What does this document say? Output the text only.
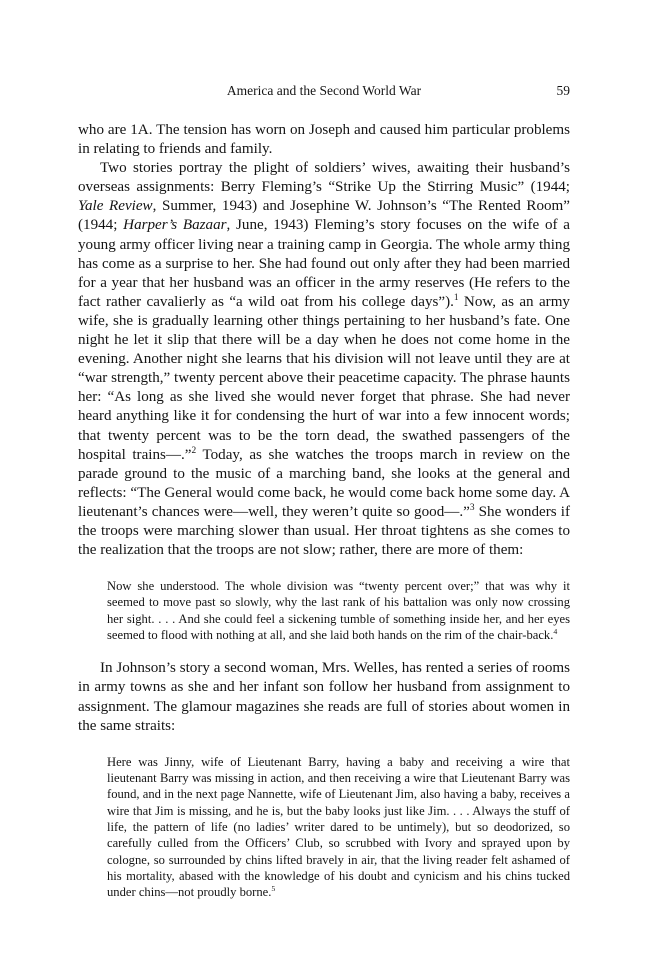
America and the Second World War	59

who are 1A. The tension has worn on Joseph and caused him particular problems in relating to friends and family.

Two stories portray the plight of soldiers’ wives, awaiting their husband’s overseas assignments: Berry Fleming’s “Strike Up the Stirring Music” (1944; Yale Review, Summer, 1943) and Josephine W. Johnson’s “The Rented Room” (1944; Harper’s Bazaar, June, 1943) Fleming’s story focuses on the wife of a young army officer living near a training camp in Georgia. The whole army thing has come as a surprise to her. She had found out only after they had been married for a year that her husband was an officer in the army reserves (He refers to the fact rather cavalierly as “a wild oat from his college days”).$^1$ Now, as an army wife, she is gradually learning other things pertaining to her husband’s fate. One night he let it slip that there will be a day when he does not come home in the evening. Another night she learns that his division will not leave until they are at “war strength,” twenty percent above their peacetime capacity. The phrase haunts her: “As long as she lived she would never forget that phrase. She had never heard anything like it for condensing the hurt of war into a few innocent words; that twenty percent was to be the torn dead, the swathed passengers of the hospital trains—.”$^2$ Today, as she watches the troops march in review on the parade ground to the music of a marching band, she looks at the general and reflects: “The General would come back, he would come back home some day. A lieutenant’s chances were—well, they weren’t quite so good—.”$^3$ She wonders if the troops were marching slower than usual. Her throat tightens as she comes to the realization that the troops are not slow; rather, there are more of them:

Now she understood. The whole division was “twenty percent over;” that was why it seemed to move past so slowly, why the last rank of his battalion was only now crossing her sight. . . . And she could feel a sickening tumble of something inside her, and her eyes seemed to flood with nothing at all, and she laid both hands on the rim of the chair-back.$^4$

In Johnson’s story a second woman, Mrs. Welles, has rented a series of rooms in army towns as she and her infant son follow her husband from assignment to assignment. The glamour magazines she reads are full of stories about women in the same straits:

Here was Jinny, wife of Lieutenant Barry, having a baby and receiving a wire that lieutenant Barry was missing in action, and then receiving a wire that Lieutenant Barry was found, and in the next page Nannette, wife of Lieutenant Jim, also having a baby, receives a wire that Jim is missing, and he is, but the baby looks just like Jim. . . . Always the stuff of life, the pattern of life (no ladies’ writer dared to be untimely), but so deodorized, so carefully culled from the Officers’ Club, so scrubbed with Ivory and sprayed upon by cologne, so surrounded by chins lifted bravely in air, that the living reader felt ashamed of his mortality, abased with the knowledge of his doubt and cynicism and his chins tucked under chins—not proudly borne.$^5$
